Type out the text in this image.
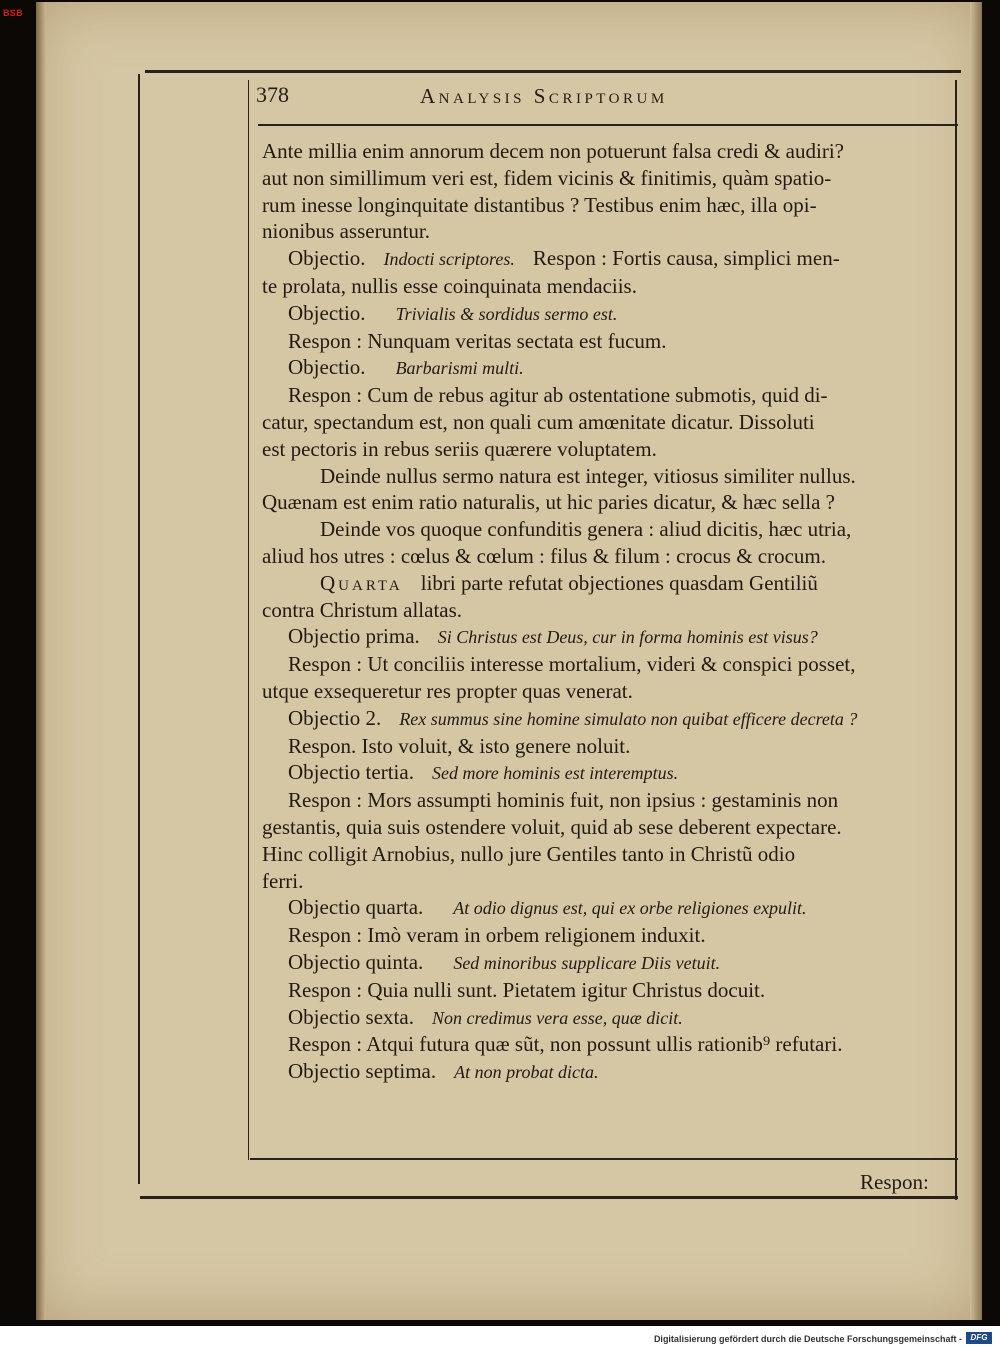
BSB
378	Analysis Scriptorum

Ante millia enim annorum decem non potuerunt falsa credi & audiri?

aut non simillimum veri est, fidem vicinis & finitimis, quàm spatio-

rum inesse longinquitate distantibus ? Testibus enim hæc, illa opi-

nionibus asseruntur.

Objectio. Indocti scriptores. Respon : Fortis causa, simplici men-

te prolata, nullis esse coinquinata mendaciis.

Objectio. Trivialis & sordidus sermo est.

Respon : Nunquam veritas sectata est fucum.

Objectio. Barbarismi multi.

Respon : Cum de rebus agitur ab ostentatione submotis, quid di-

catur, spectandum est, non quali cum amœnitate dicatur. Dissoluti

est pectoris in rebus seriis quærere voluptatem.

Deinde nullus sermo natura est integer, vitiosus similiter nullus.

Quænam est enim ratio naturalis, ut hic paries dicatur, & hæc sella ?

Deinde vos quoque confunditis genera : aliud dicitis, hæc utria,

aliud hos utres : cœlus & cœlum : filus & filum : crocus & crocum.

Quarta libri parte refutat objectiones quasdam Gentiliũ

contra Christum allatas.

Objectio prima. Si Christus est Deus, cur in forma hominis est visus?

Respon : Ut conciliis interesse mortalium, videri & conspici posset,

utque exsequeretur res propter quas venerat.

Objectio 2. Rex summus sine homine simulato non quibat efficere decreta ?

Respon. Isto voluit, & isto genere noluit.

Objectio tertia. Sed more hominis est interemptus.

Respon : Mors assumpti hominis fuit, non ipsius : gestaminis non

gestantis, quia suis ostendere voluit, quid ab sese deberent expectare.

Hinc colligit Arnobius, nullo jure Gentiles tanto in Christũ odio

ferri.

Objectio quarta. At odio dignus est, qui ex orbe religiones expulit.

Respon : Imò veram in orbem religionem induxit.

Objectio quinta. Sed minoribus supplicare Diis vetuit.

Respon : Quia nulli sunt. Pietatem igitur Christus docuit.

Objectio sexta. Non credimus vera esse, quæ dicit.

Respon : Atqui futura quæ sũt, non possunt ullis rationib⁹ refutari.

Objectio septima. At non probat dicta.

Respon:
Digitalisierung gefördert durch die Deutsche Forschungsgemeinschaft -	DFG
